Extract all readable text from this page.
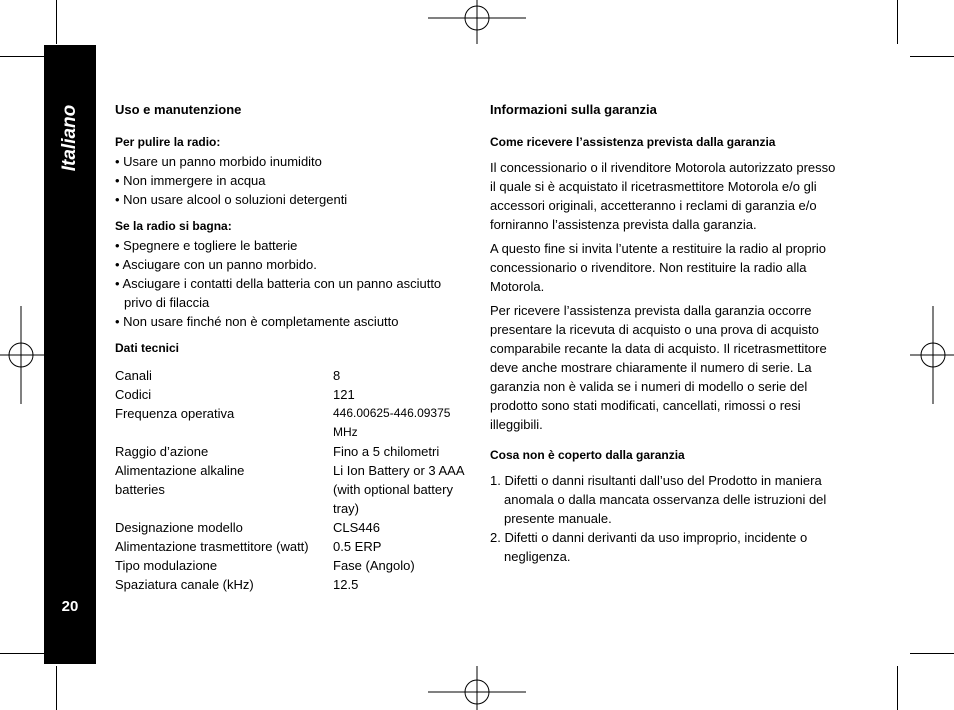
Italiano
20
Uso e manutenzione
Per pulire la radio:
• Usare un panno morbido inumidito
• Non immergere in acqua
• Non usare alcool o soluzioni detergenti
Se la radio si bagna:
• Spegnere e togliere le batterie
• Asciugare con un panno morbido.
• Asciugare i contatti della batteria con un panno asciutto privo di filaccia
• Non usare finché non è completamente asciutto
Dati tecnici
Canali	8
Codici	121
Frequenza operativa	446.00625-446.09375 MHz
Raggio d’azione	Fino a 5 chilometri
Alimentazione alkaline batteries	Li Ion Battery or 3 AAA (with optional battery tray)
Designazione modello	CLS446
Alimentazione trasmettitore (watt)	0.5 ERP
Tipo modulazione	Fase (Angolo)
Spaziatura canale (kHz)	12.5
Informazioni sulla garanzia
Come ricevere l’assistenza prevista dalla garanzia

Il concessionario o il rivenditore Motorola autorizzato presso il quale si è acquistato il ricetrasmettitore Motorola e/o gli accessori originali, accetteranno i reclami di garanzia e/o forniranno l’assistenza prevista dalla garanzia.

A questo fine si invita l’utente a restituire la radio al proprio concessionario o rivenditore. Non restituire la radio alla Motorola.

Per ricevere l’assistenza prevista dalla garanzia occorre presentare la ricevuta di acquisto o una prova di acquisto comparabile recante la data di acquisto. Il ricetrasmettitore deve anche mostrare chiaramente il numero di serie. La garanzia non è valida se i numeri di modello o serie del prodotto sono stati modificati, cancellati, rimossi o resi illeggibili.

Cosa non è coperto dalla garanzia
1. Difetti o danni risultanti dall’uso del Prodotto in maniera anomala o dalla mancata osservanza delle istruzioni del presente manuale.
2. Difetti o danni derivanti da uso improprio, incidente o negligenza.
